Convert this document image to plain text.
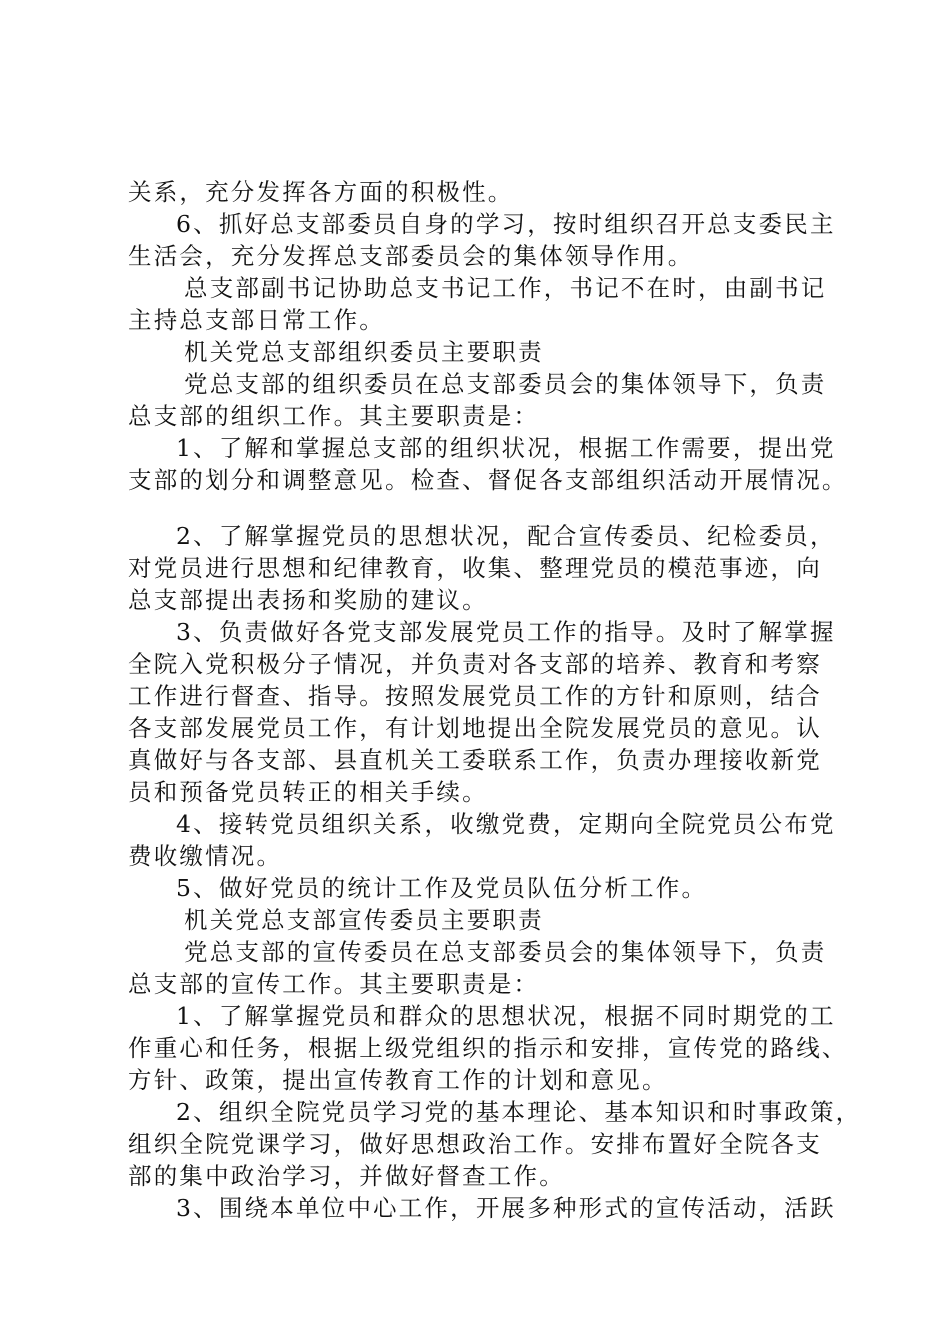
关系，充分发挥各方面的积极性。
6、抓好总支部委员自身的学习，按时组织召开总支委民主
生活会，充分发挥总支部委员会的集体领导作用。
总支部副书记协助总支书记工作，书记不在时，由副书记
主持总支部日常工作。
机关党总支部组织委员主要职责
党总支部的组织委员在总支部委员会的集体领导下，负责
总支部的组织工作。其主要职责是：
1、了解和掌握总支部的组织状况，根据工作需要，提出党
支部的划分和调整意见。检查、督促各支部组织活动开展情况。
2、了解掌握党员的思想状况，配合宣传委员、纪检委员，
对党员进行思想和纪律教育，收集、整理党员的模范事迹，向
总支部提出表扬和奖励的建议。
3、负责做好各党支部发展党员工作的指导。及时了解掌握
全院入党积极分子情况，并负责对各支部的培养、教育和考察
工作进行督查、指导。按照发展党员工作的方针和原则，结合
各支部发展党员工作，有计划地提出全院发展党员的意见。认
真做好与各支部、县直机关工委联系工作，负责办理接收新党
员和预备党员转正的相关手续。
4、接转党员组织关系，收缴党费，定期向全院党员公布党
费收缴情况。
5、做好党员的统计工作及党员队伍分析工作。
机关党总支部宣传委员主要职责
党总支部的宣传委员在总支部委员会的集体领导下，负责
总支部的宣传工作。其主要职责是：
1、了解掌握党员和群众的思想状况，根据不同时期党的工
作重心和任务，根据上级党组织的指示和安排，宣传党的路线、
方针、政策，提出宣传教育工作的计划和意见。
2、组织全院党员学习党的基本理论、基本知识和时事政策，
组织全院党课学习，做好思想政治工作。安排布置好全院各支
部的集中政治学习，并做好督查工作。
3、围绕本单位中心工作，开展多种形式的宣传活动，活跃
